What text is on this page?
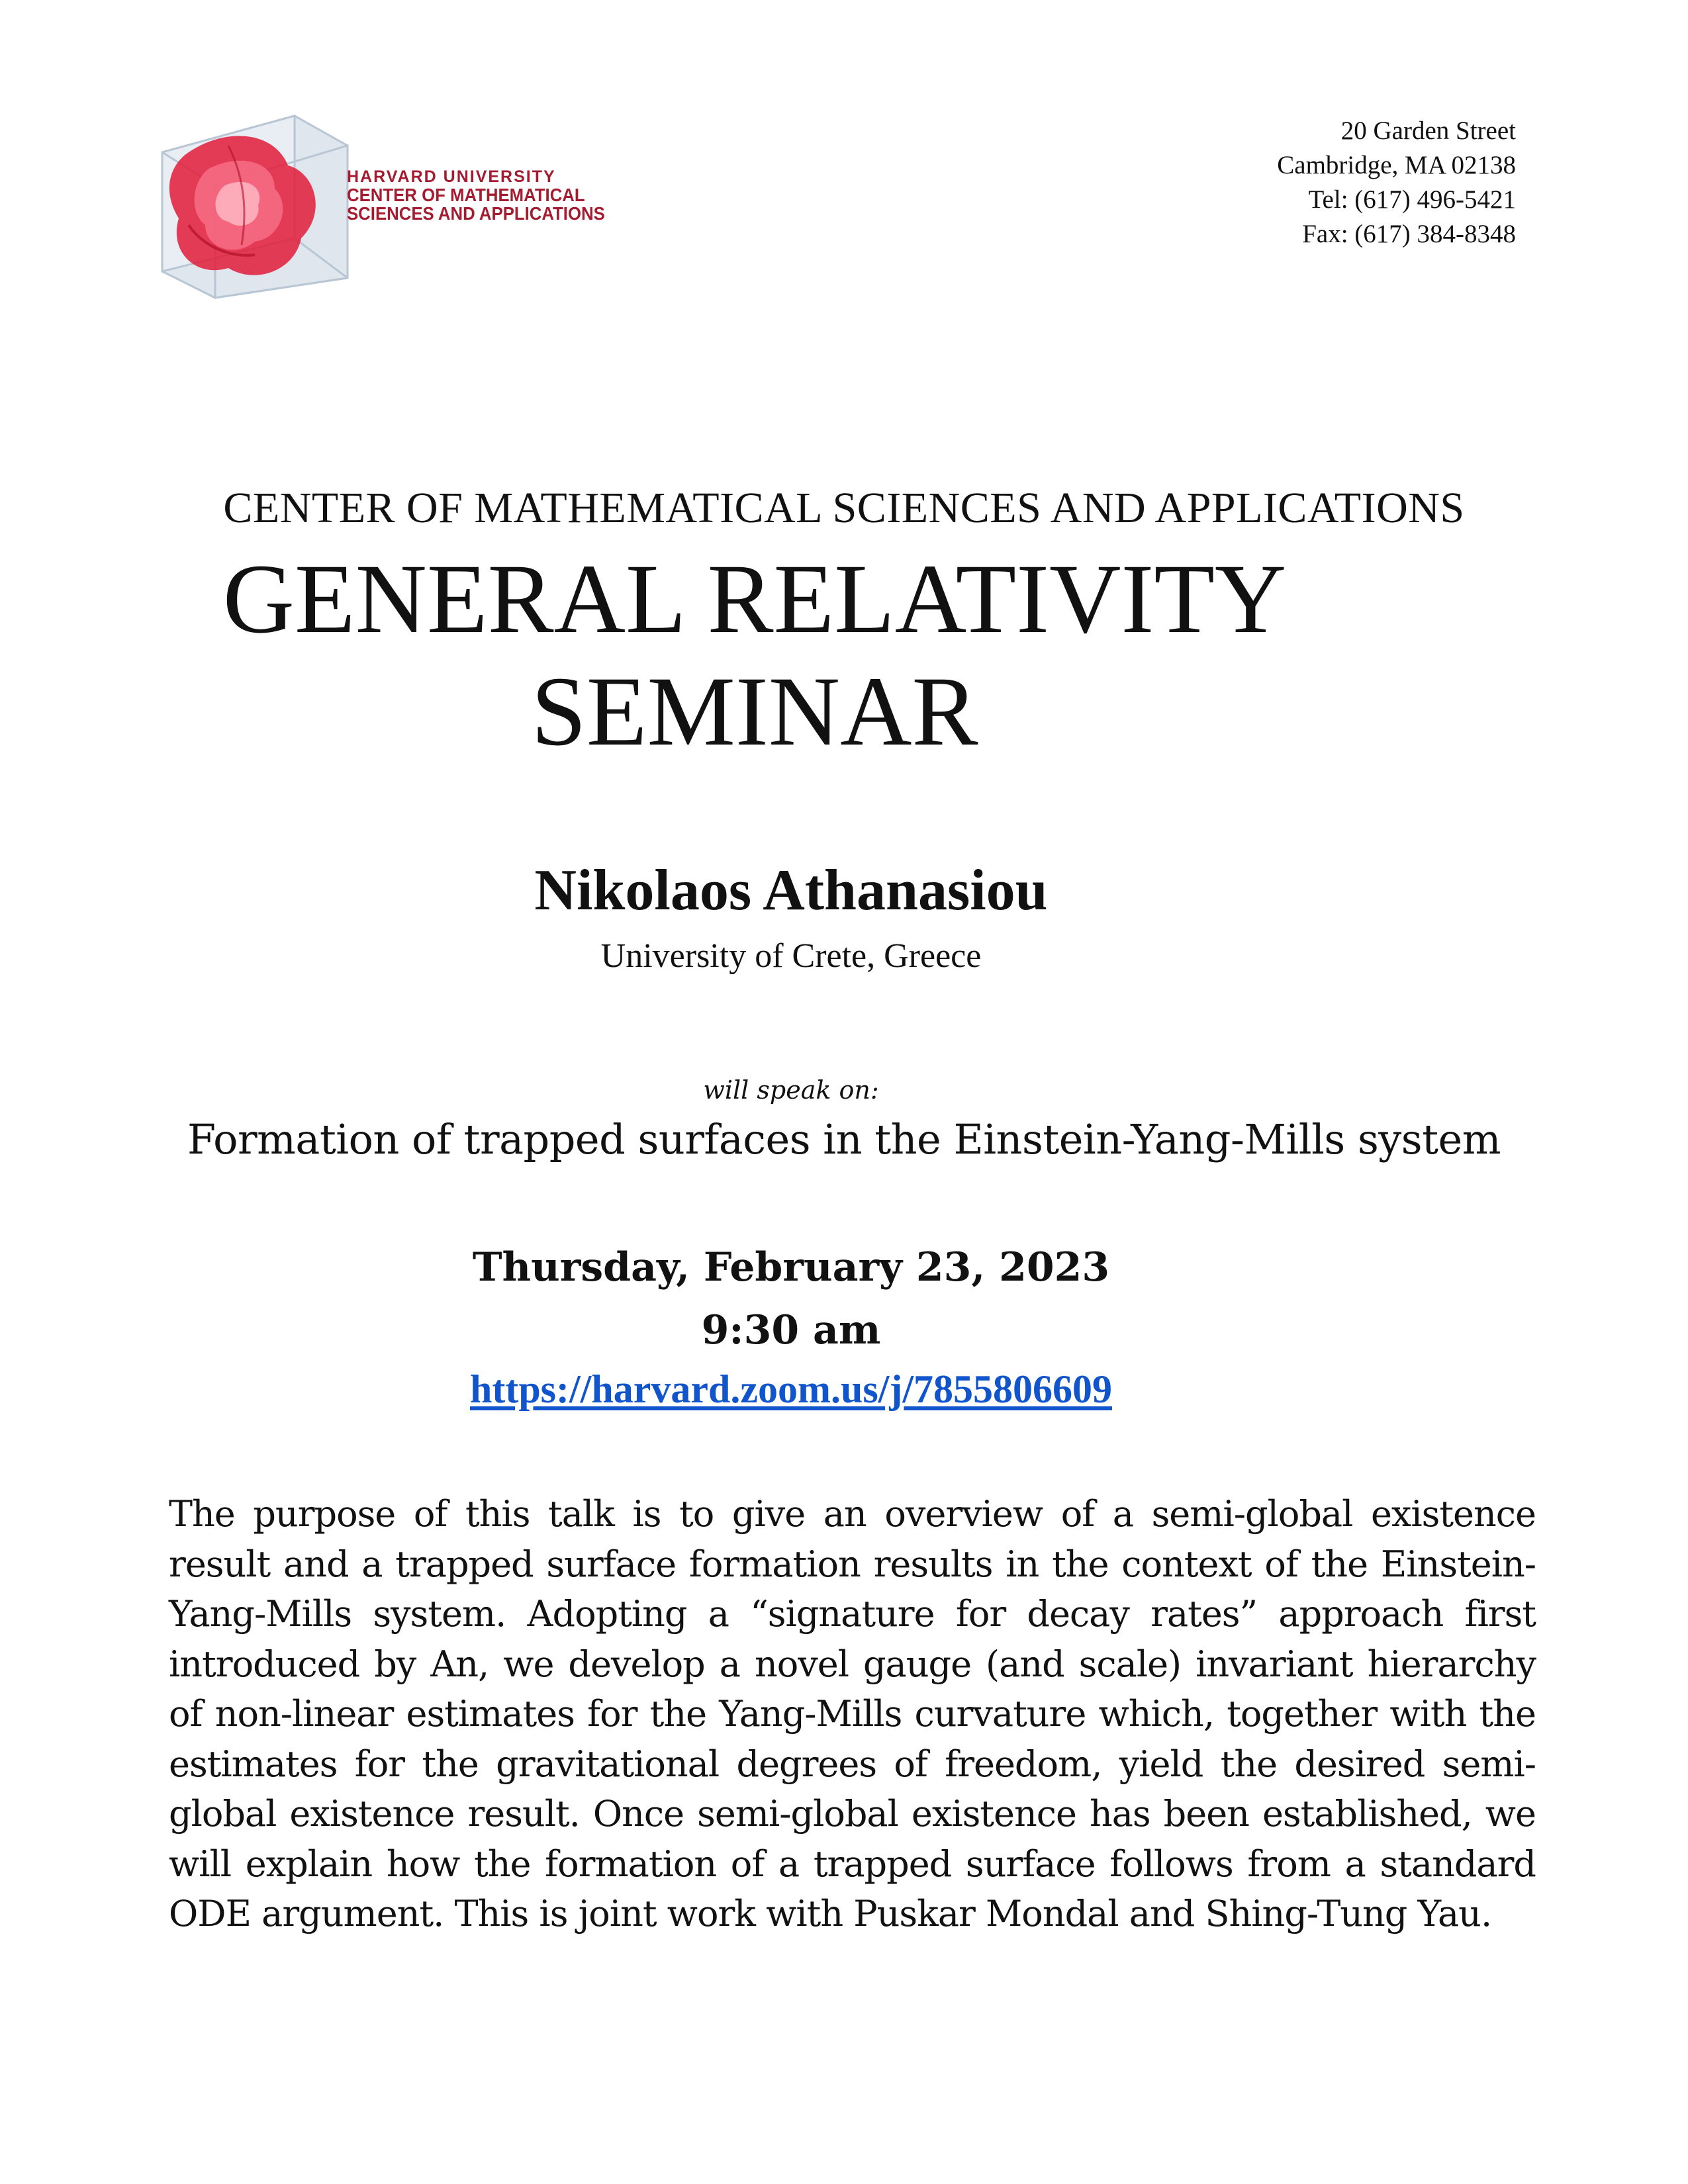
HARVARD UNIVERSITY
CENTER OF MATHEMATICAL
SCIENCES AND APPLICATIONS
20 Garden Street
Cambridge, MA 02138
Tel: (617) 496-5421
Fax: (617) 384-8348
CENTER OF MATHEMATICAL SCIENCES AND APPLICATIONS
GENERAL RELATIVITY
SEMINAR
Nikolaos Athanasiou
University of Crete, Greece
will speak on:
Formation of trapped surfaces in the Einstein-Yang-Mills system
Thursday, February 23, 2023
9:30 am
https://harvard.zoom.us/j/7855806609
The purpose of this talk is to give an overview of a semi-global existence result and a trapped surface formation results in the context of the Einstein-Yang-Mills system. Adopting a “signature for decay rates” approach first introduced by An, we develop a novel gauge (and scale) invariant hierarchy of non-linear estimates for the Yang-Mills curvature which, together with the estimates for the gravitational degrees of freedom, yield the desired semi-global existence result. Once semi-global existence has been established, we will explain how the formation of a trapped surface follows from a standard ODE argument. This is joint work with Puskar Mondal and Shing-Tung Yau.
